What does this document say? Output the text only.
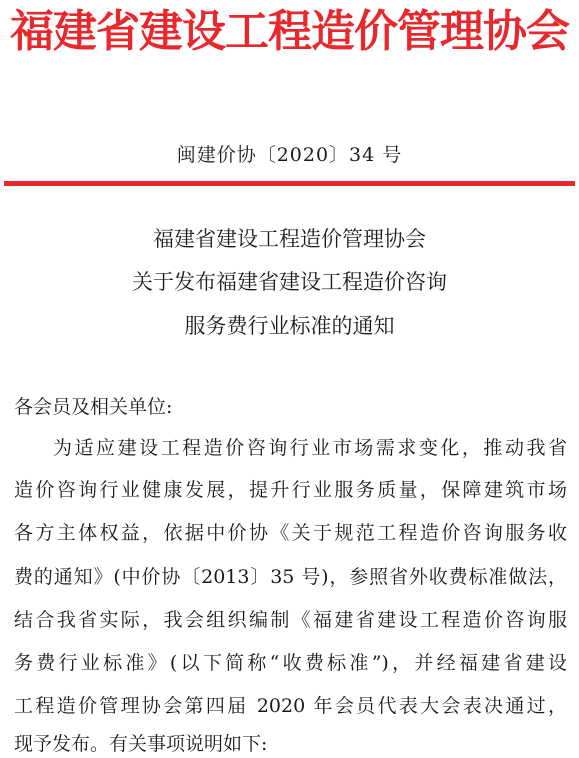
福建省建设工程造价管理协会
闽建价协〔2020〕34 号
福建省建设工程造价管理协会
关于发布福建省建设工程造价咨询
服务费行业标准的通知
各会员及相关单位:
为适应建设工程造价咨询行业市场需求变化，推动我省
造价咨询行业健康发展，提升行业服务质量，保障建筑市场
各方主体权益，依据中价协《关于规范工程造价咨询服务收
费的通知》(中价协〔2013〕35 号)，参照省外收费标准做法，
结合我省实际，我会组织编制《福建省建设工程造价咨询服
务费行业标准》(以下简称“收费标准”)，并经福建省建设
工程造价管理协会第四届 2020 年会员代表大会表决通过，
现予发布。有关事项说明如下:
